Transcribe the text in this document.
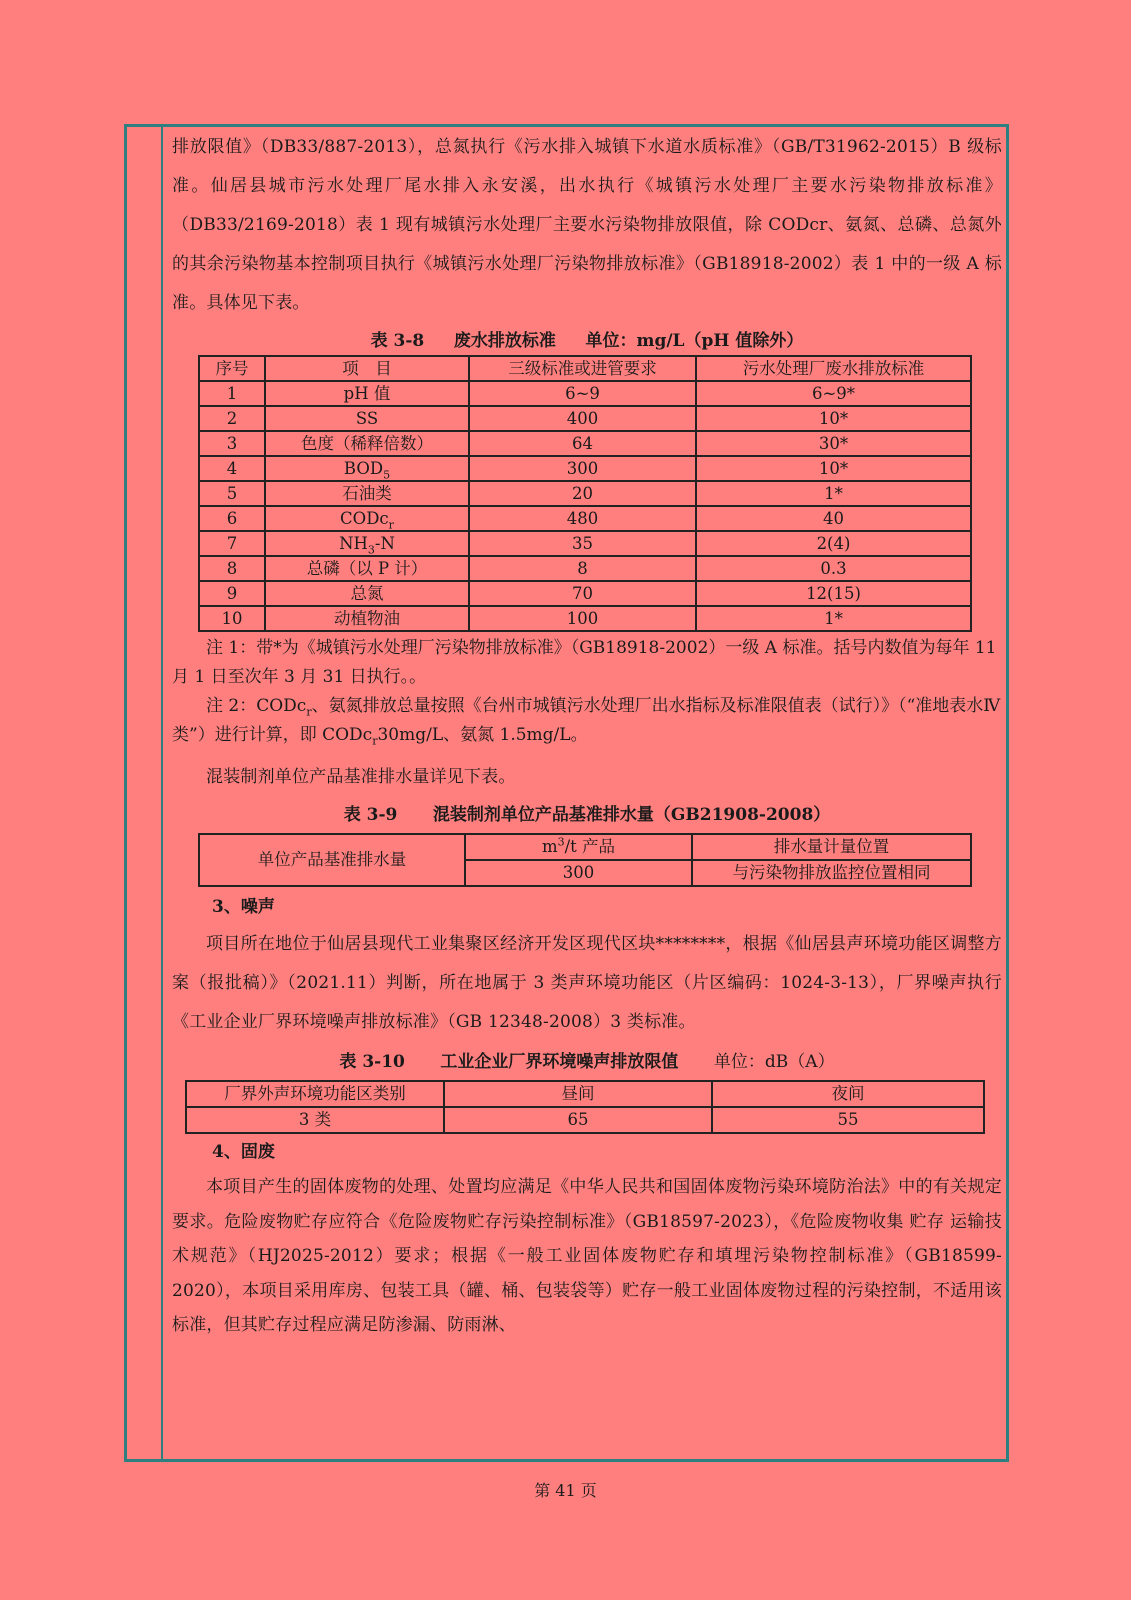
排放限值》（DB33/887-2013），总氮执行《污水排入城镇下水道水质标准》（GB/T31962-2015）B 级标准。仙居县城市污水处理厂尾水排入永安溪，出水执行《城镇污水处理厂主要水污染物排放标准》（DB33/2169-2018）表 1 现有城镇污水处理厂主要水污染物排放限值，除 CODcr、氨氮、总磷、总氮外的其余污染物基本控制项目执行《城镇污水处理厂污染物排放标准》（GB18918-2002）表 1 中的一级 A 标准。具体见下表。

表 3-8 废水排放标准 单位：mg/L（pH 值除外）

序号	项　目	三级标准或进管要求	污水处理厂废水排放标准
1	pH 值	6~9	6~9*
2	SS	400	10*
3	色度（稀释倍数）	64	30*
4	$BOD_5$	300	10*
5	石油类	20	1*
6	CODc$_r$	480	40
7	$NH_3-N$	35	2(4)
8	总磷（以 P 计）	8	0.3
9	总氮	70	12(15)
10	动植物油	100	1*

注 1：带*为《城镇污水处理厂污染物排放标准》（GB18918-2002）一级 A 标准。括号内数值为每年 11 月 1 日至次年 3 月 31 日执行。。

注 2：CODc$_r$、氨氮排放总量按照《台州市城镇污水处理厂出水指标及标准限值表（试行）》（“准地表水Ⅳ类”）进行计算，即 CODc$_r$30mg/L、氨氮 1.5mg/L。

混装制剂单位产品基准排水量详见下表。

表 3-9 混装制剂单位产品基准排水量（GB21908-2008）

单位产品基准排水量	$m^3/t$ 产品	排水量计量位置
	300	与污染物排放监控位置相同

3、噪声

项目所在地位于仙居县现代工业集聚区经济开发区现代区块********，根据《仙居县声环境功能区调整方案（报批稿）》（2021.11）判断，所在地属于 3 类声环境功能区（片区编码：1024-3-13），厂界噪声执行《工业企业厂界环境噪声排放标准》（GB 12348-2008）3 类标准。

表 3-10 工业企业厂界环境噪声排放限值 单位：dB（A）

厂界外声环境功能区类别	昼间	夜间
3 类	65	55

4、固废

本项目产生的固体废物的处理、处置均应满足《中华人民共和国固体废物污染环境防治法》中的有关规定要求。危险废物贮存应符合《危险废物贮存污染控制标准》（GB18597-2023），《危险废物收集 贮存 运输技术规范》（HJ2025-2012）要求；根据《一般工业固体废物贮存和填埋污染物控制标准》（GB18599-2020），本项目采用库房、包装工具（罐、桶、包装袋等）贮存一般工业固体废物过程的污染控制，不适用该标准，但其贮存过程应满足防渗漏、防雨淋、

第 41 页
